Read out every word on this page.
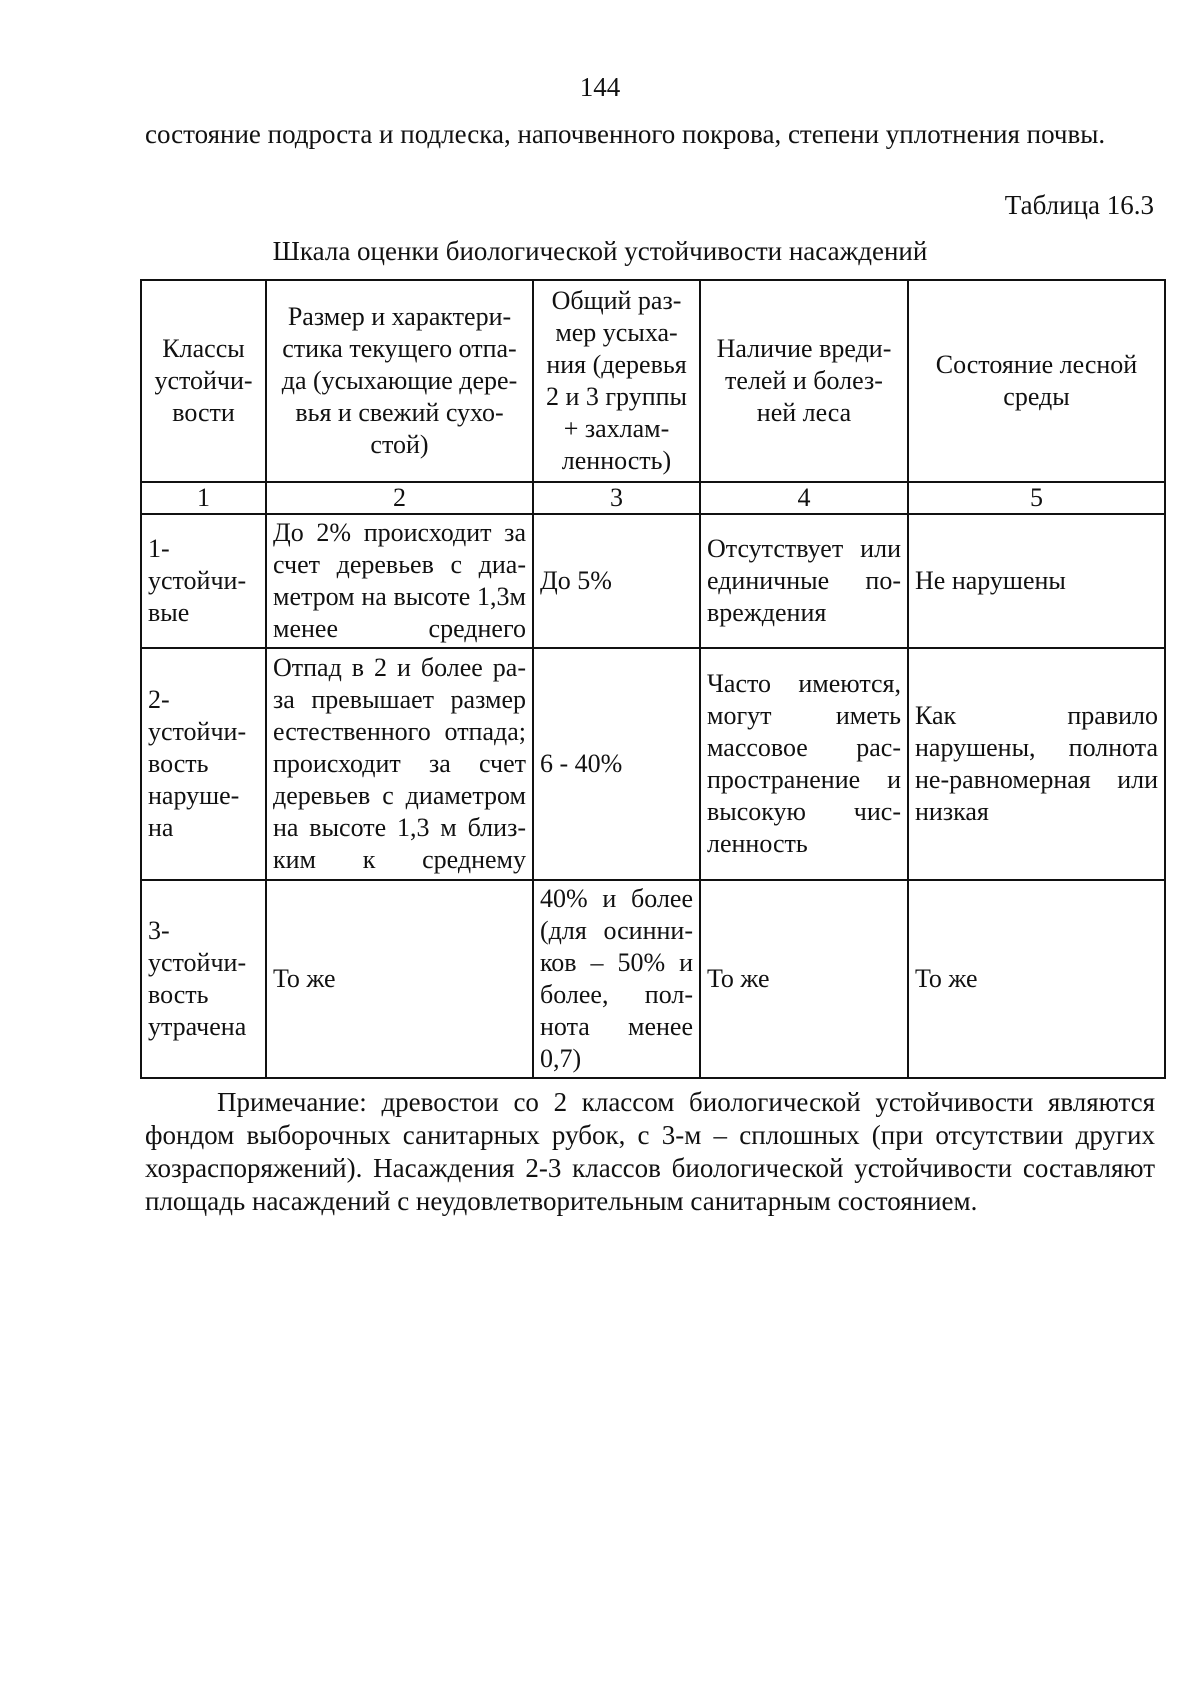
144
состояние подроста и подлеска, напочвенного покрова, степени уплотнения почвы.
Таблица 16.3
Шкала оценки биологической устойчивости насаждений
Классы устойчи-вости	Размер и характери-стика текущего отпа-да (усыхающие дере-вья и свежий сухо-стой)	Общий раз-мер усыха-ния (деревья 2 и 3 группы + захлам-ленность)	Наличие вреди-телей и болез-ней леса	Состояние лесной среды
1	2	3	4	5
1-устойчи-вые	До 2% происходит за счет деревьев с диа-метром на высоте 1,3м менее среднего	До 5%	Отсутствует или единичные по-вреждения	Не нарушены
2-устойчи-вость наруше-на	Отпад в 2 и более ра-за превышает размер естественного отпада; происходит за счет деревьев с диаметром на высоте 1,3 м близ-ким к среднему	6 - 40%	Часто имеются, могут иметь массовое рас-пространение и высокую чис-ленность	Как правило нарушены, полнота не-равномерная или низкая
3-устойчи-вость утрачена	То же	40% и более (для осинни-ков – 50% и более, пол-нота менее 0,7)	То же	То же
Примечание: древостои со 2 классом биологической устойчивости являются фондом выборочных санитарных рубок, с 3-м – сплошных (при отсутствии других хозраспоряжений). Насаждения 2-3 классов биологической устойчивости составляют площадь насаждений с неудовлетворительным санитарным состоянием.
